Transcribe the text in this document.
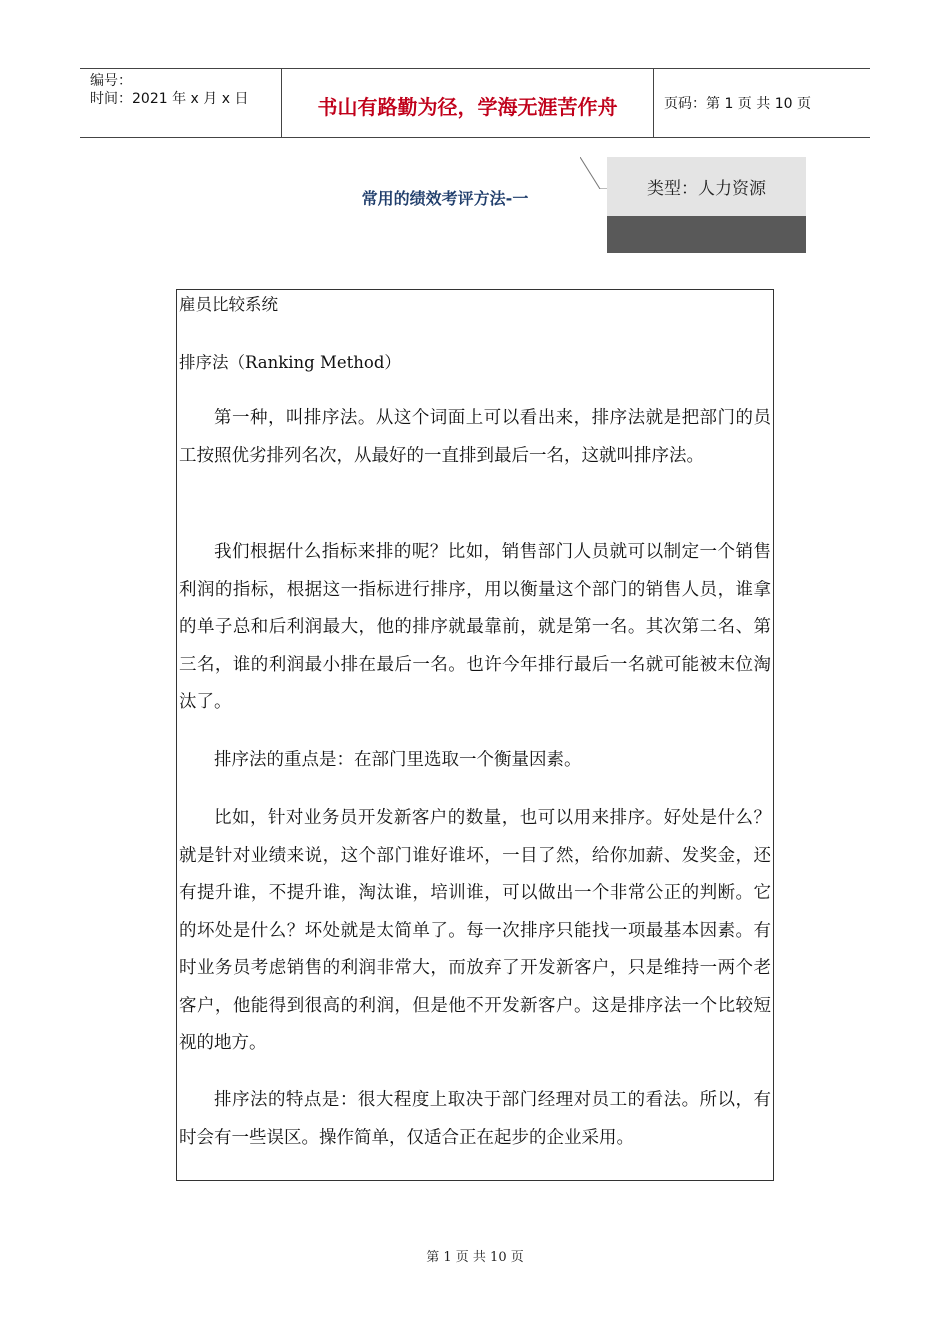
编号：
时间：2021 年 x 月 x 日	书山有路勤为径，学海无涯苦作舟	页码：第 1 页 共 10 页
常用的绩效考评方法-一	类型：人力资源

雇员比较系统

排序法（Ranking Method）

第一种，叫排序法。从这个词面上可以看出来，排序法就是把部门的员工按照优劣排列名次，从最好的一直排到最后一名，这就叫排序法。

我们根据什么指标来排的呢？比如，销售部门人员就可以制定一个销售利润的指标，根据这一指标进行排序，用以衡量这个部门的销售人员，谁拿的单子总和后利润最大，他的排序就最靠前，就是第一名。其次第二名、第三名，谁的利润最小排在最后一名。也许今年排行最后一名就可能被末位淘汰了。

排序法的重点是：在部门里选取一个衡量因素。

比如，针对业务员开发新客户的数量，也可以用来排序。好处是什么？就是针对业绩来说，这个部门谁好谁坏，一目了然，给你加薪、发奖金，还有提升谁，不提升谁，淘汰谁，培训谁，可以做出一个非常公正的判断。它的坏处是什么？坏处就是太简单了。每一次排序只能找一项最基本因素。有时业务员考虑销售的利润非常大，而放弃了开发新客户，只是维持一两个老客户，他能得到很高的利润，但是他不开发新客户。这是排序法一个比较短视的地方。

排序法的特点是：很大程度上取决于部门经理对员工的看法。所以，有时会有一些误区。操作简单，仅适合正在起步的企业采用。

第 1 页 共 10 页
